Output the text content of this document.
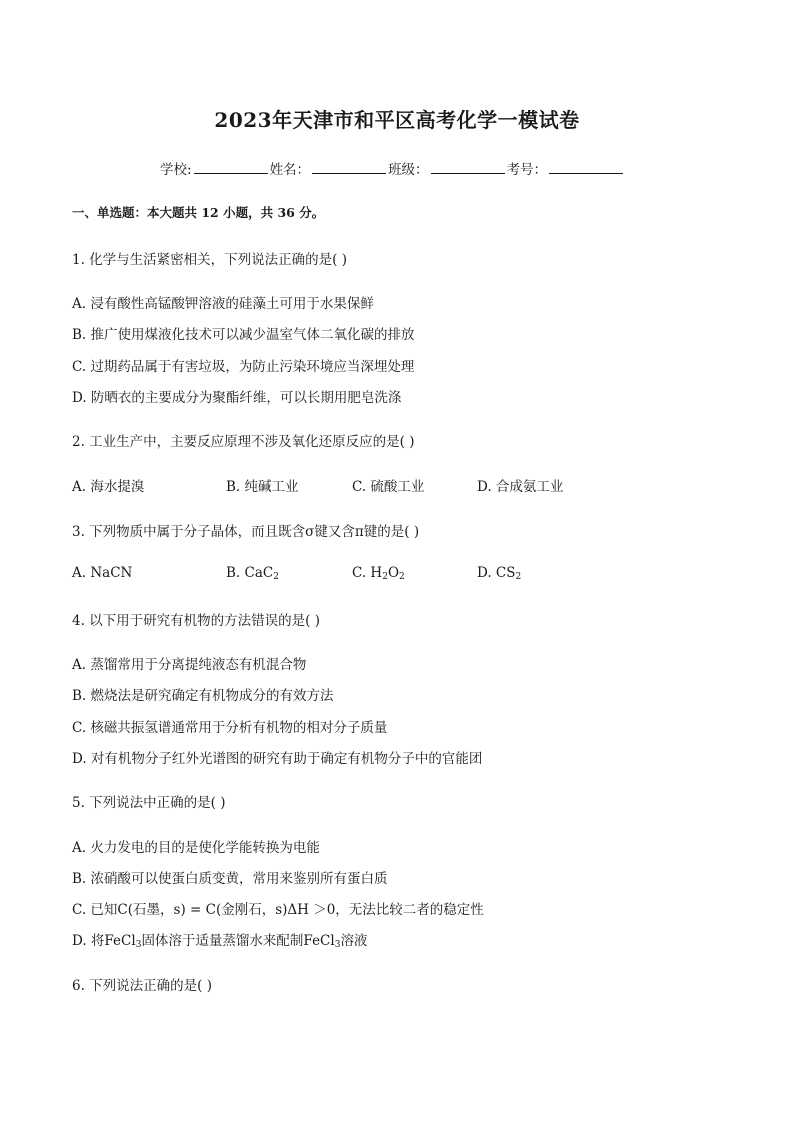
2023年天津市和平区高考化学一模试卷
学校:	姓名：	班级：	考号：
一、单选题：本大题共 12 小题，共 36 分。
1. 化学与生活紧密相关，下列说法正确的是( )
A. 浸有酸性高锰酸钾溶液的硅藻土可用于水果保鲜
B. 推广使用煤液化技术可以减少温室气体二氧化碳的排放
C. 过期药品属于有害垃圾，为防止污染环境应当深埋处理
D. 防晒衣的主要成分为聚酯纤维，可以长期用肥皂洗涤
2. 工业生产中，主要反应原理不涉及氧化还原反应的是( )
A. 海水提溴	B. 纯碱工业	C. 硫酸工业	D. 合成氨工业
3. 下列物质中属于分子晶体，而且既含σ键又含π键的是( )
A. NaCN	B. CaC$_2$	C. $H_2O_2$	D. $CS_2$
4. 以下用于研究有机物的方法错误的是( )
A. 蒸馏常用于分离提纯液态有机混合物
B. 燃烧法是研究确定有机物成分的有效方法
C. 核磁共振氢谱通常用于分析有机物的相对分子质量
D. 对有机物分子红外光谱图的研究有助于确定有机物分子中的官能团
5. 下列说法中正确的是( )
A. 火力发电的目的是使化学能转换为电能
B. 浓硝酸可以使蛋白质变黄，常用来鉴别所有蛋白质
C. 已知C(石墨，s) = C(金刚石，s)ΔH ＞0，无法比较二者的稳定性
D. 将FeCl$_3$固体溶于适量蒸馏水来配制FeCl$_3$溶液
6. 下列说法正确的是( )
